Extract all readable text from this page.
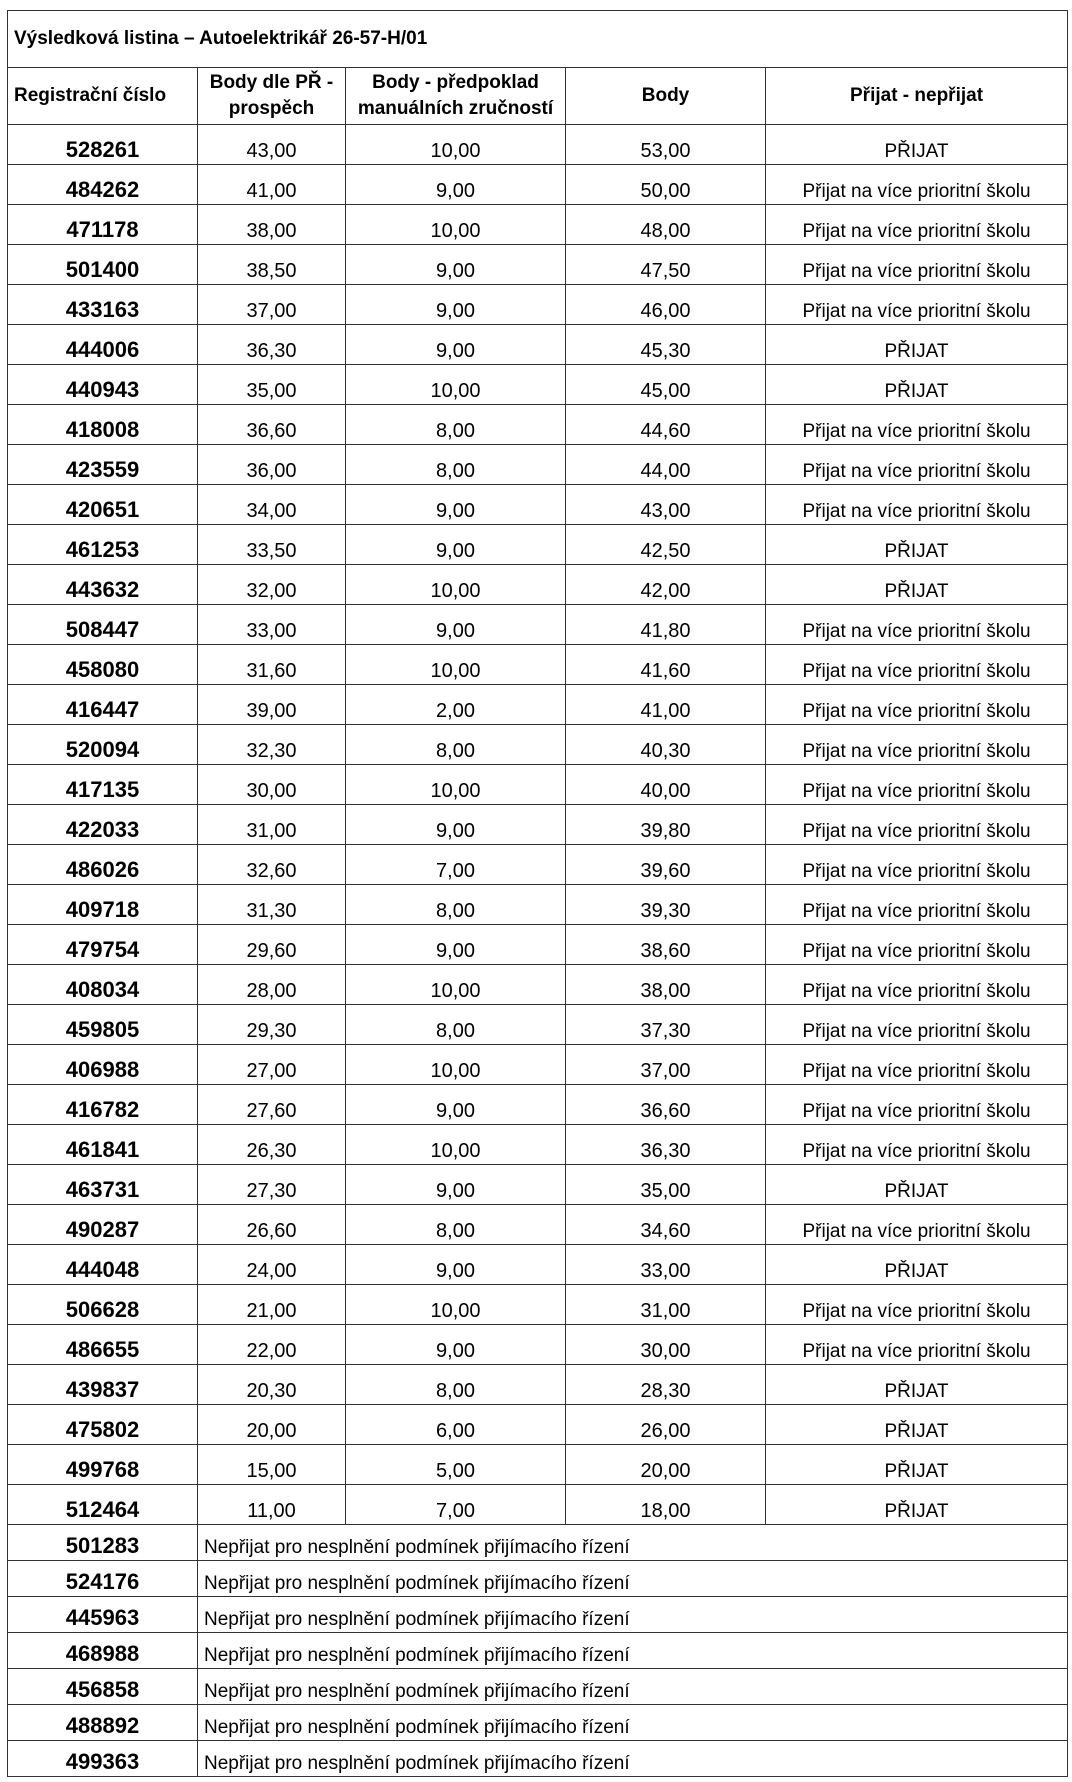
Výsledková listina – Autoelektrikář 26-57-H/01				
Registrační číslo	Body dle PŘ - prospěch	Body - předpoklad manuálních zručností	Body	Přijat - nepřijat
528261	43,00	10,00	53,00	PŘIJAT
484262	41,00	9,00	50,00	Přijat na více prioritní školu
471178	38,00	10,00	48,00	Přijat na více prioritní školu
501400	38,50	9,00	47,50	Přijat na více prioritní školu
433163	37,00	9,00	46,00	Přijat na více prioritní školu
444006	36,30	9,00	45,30	PŘIJAT
440943	35,00	10,00	45,00	PŘIJAT
418008	36,60	8,00	44,60	Přijat na více prioritní školu
423559	36,00	8,00	44,00	Přijat na více prioritní školu
420651	34,00	9,00	43,00	Přijat na více prioritní školu
461253	33,50	9,00	42,50	PŘIJAT
443632	32,00	10,00	42,00	PŘIJAT
508447	33,00	9,00	41,80	Přijat na více prioritní školu
458080	31,60	10,00	41,60	Přijat na více prioritní školu
416447	39,00	2,00	41,00	Přijat na více prioritní školu
520094	32,30	8,00	40,30	Přijat na více prioritní školu
417135	30,00	10,00	40,00	Přijat na více prioritní školu
422033	31,00	9,00	39,80	Přijat na více prioritní školu
486026	32,60	7,00	39,60	Přijat na více prioritní školu
409718	31,30	8,00	39,30	Přijat na více prioritní školu
479754	29,60	9,00	38,60	Přijat na více prioritní školu
408034	28,00	10,00	38,00	Přijat na více prioritní školu
459805	29,30	8,00	37,30	Přijat na více prioritní školu
406988	27,00	10,00	37,00	Přijat na více prioritní školu
416782	27,60	9,00	36,60	Přijat na více prioritní školu
461841	26,30	10,00	36,30	Přijat na více prioritní školu
463731	27,30	9,00	35,00	PŘIJAT
490287	26,60	8,00	34,60	Přijat na více prioritní školu
444048	24,00	9,00	33,00	PŘIJAT
506628	21,00	10,00	31,00	Přijat na více prioritní školu
486655	22,00	9,00	30,00	Přijat na více prioritní školu
439837	20,30	8,00	28,30	PŘIJAT
475802	20,00	6,00	26,00	PŘIJAT
499768	15,00	5,00	20,00	PŘIJAT
512464	11,00	7,00	18,00	PŘIJAT
501283	Nepřijat pro nesplnění podmínek přijímacího řízení			
524176	Nepřijat pro nesplnění podmínek přijímacího řízení			
445963	Nepřijat pro nesplnění podmínek přijímacího řízení			
468988	Nepřijat pro nesplnění podmínek přijímacího řízení			
456858	Nepřijat pro nesplnění podmínek přijímacího řízení			
488892	Nepřijat pro nesplnění podmínek přijímacího řízení			
499363	Nepřijat pro nesplnění podmínek přijímacího řízení			
